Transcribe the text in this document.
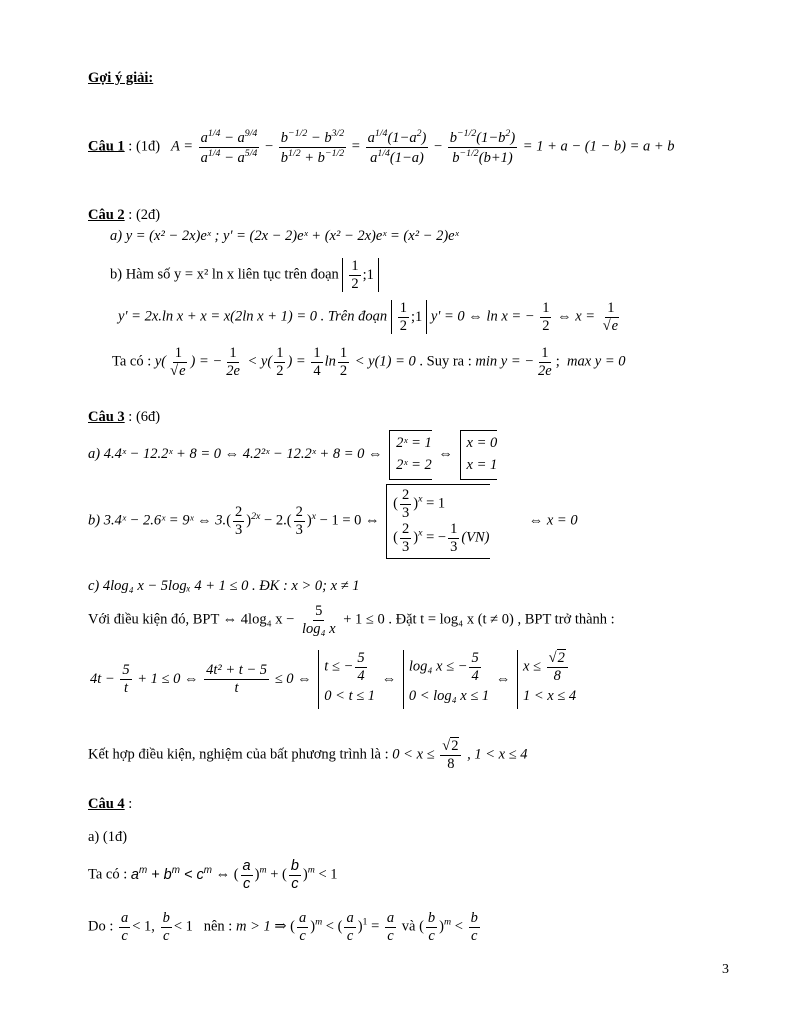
Gợi ý giải:
Câu 1 : (1đ) $A = \frac{a^{1/4} - a^{9/4}}{a^{1/4} - a^{5/4}} - \frac{b^{-1/2} - b^{3/2}}{b^{1/2} + b^{-1/2}} = \frac{a^{1/4}(1-a^2)}{a^{1/4}(1-a)} - \frac{b^{-1/2}(1-b^2)}{b^{-1/2}(b+1)} = 1 + a - (1 - b) = a + b$
Câu 2 : (2đ)
a) y = (x² − 2x)eˣ ; y' = (2x − 2)eˣ + (x² − 2x)eˣ = (x² − 2)eˣ
b) Hàm số y = x² ln x liên tục trên đoạn $\frac{1}{2}$ ;1
y' = 2x.ln x + x = x(2ln x + 1) = 0 . Trên đoạn $\frac{1}{2}$ ;1 y' = 0 ⇔ ln x = − $\frac{1}{2}$ ⇔ $x = \frac{1}{√e}$
Ta có : $y( \frac{1}{√e}$ ) = − $\frac{1}{2e} < y( \frac{1}{2}$ ) = $\frac{1}{4}$ $\ln \frac{1}{2} < y(1) = 0$ . Suy ra : min y = − $\frac{1}{2e}$ ;  max y = 0
Câu 3 : (6đ)
a) 4.4ˣ − 12.2ˣ + 8 = 0 ⇔ 4.2²ˣ − 12.2ˣ + 8 = 0 ⇔
2ˣ = 1
2ˣ = 2
⇔
x = 0
x = 1
b) 3.4ˣ − 2.6ˣ = 9ˣ ⇔ $3.( \frac{2}{3} )^{2x} - 2.( \frac{2}{3} )^x - 1 = 0$ ⇔
( $\frac{2}{3} )^x = 1$
( $\frac{2}{3} )^x$ = − $\frac{1}{3} (VN)$
⇔ x = 0
c) 4log₄ x − 5logₓ 4 + 1 ≤ 0 . ĐK : x > 0; x ≠ 1
Với điều kiện đó, BPT ⇔ 4log₄ $x - \frac{5}{\text{log₄ x}} + 1 \le 0$ . Đặt t = log₄ x (t ≠ 0) , BPT trở thành :
$4t - \frac{5}{t} + 1 \le 0$ ⇔ $\frac{\text{4t² + t − 5}}{t} \le 0$ ⇔
t ≤ − $\frac{5}{4}$
0 < t ≤ 1
⇔
log₄ x ≤ − $\frac{5}{4}$
0 < log₄ x ≤ 1
⇔
$x \le \frac{√2}{8}$
1 < x ≤ 4
Kết hợp điều kiện, nghiệm của bất phương trình là : $0 < x \le \frac{√2}{8}$ , 1 < x ≤ 4
Câu 4 :
a) (1đ)
Ta có : $a^m + b^m < c^m$ ⇔ ( $\frac{a}{c} )^m$ + ( $\frac{b}{c} )^m < 1$
Do : $\frac{a}{c} < 1$, $\frac{b}{c} < 1$   nên : m > 1 ⇒ ( $\frac{a}{c} )^m$ < ( $\frac{a}{c} )^1 = \frac{a}{c}$ và ( $\frac{b}{c} )^m < \frac{b}{c}$
3
